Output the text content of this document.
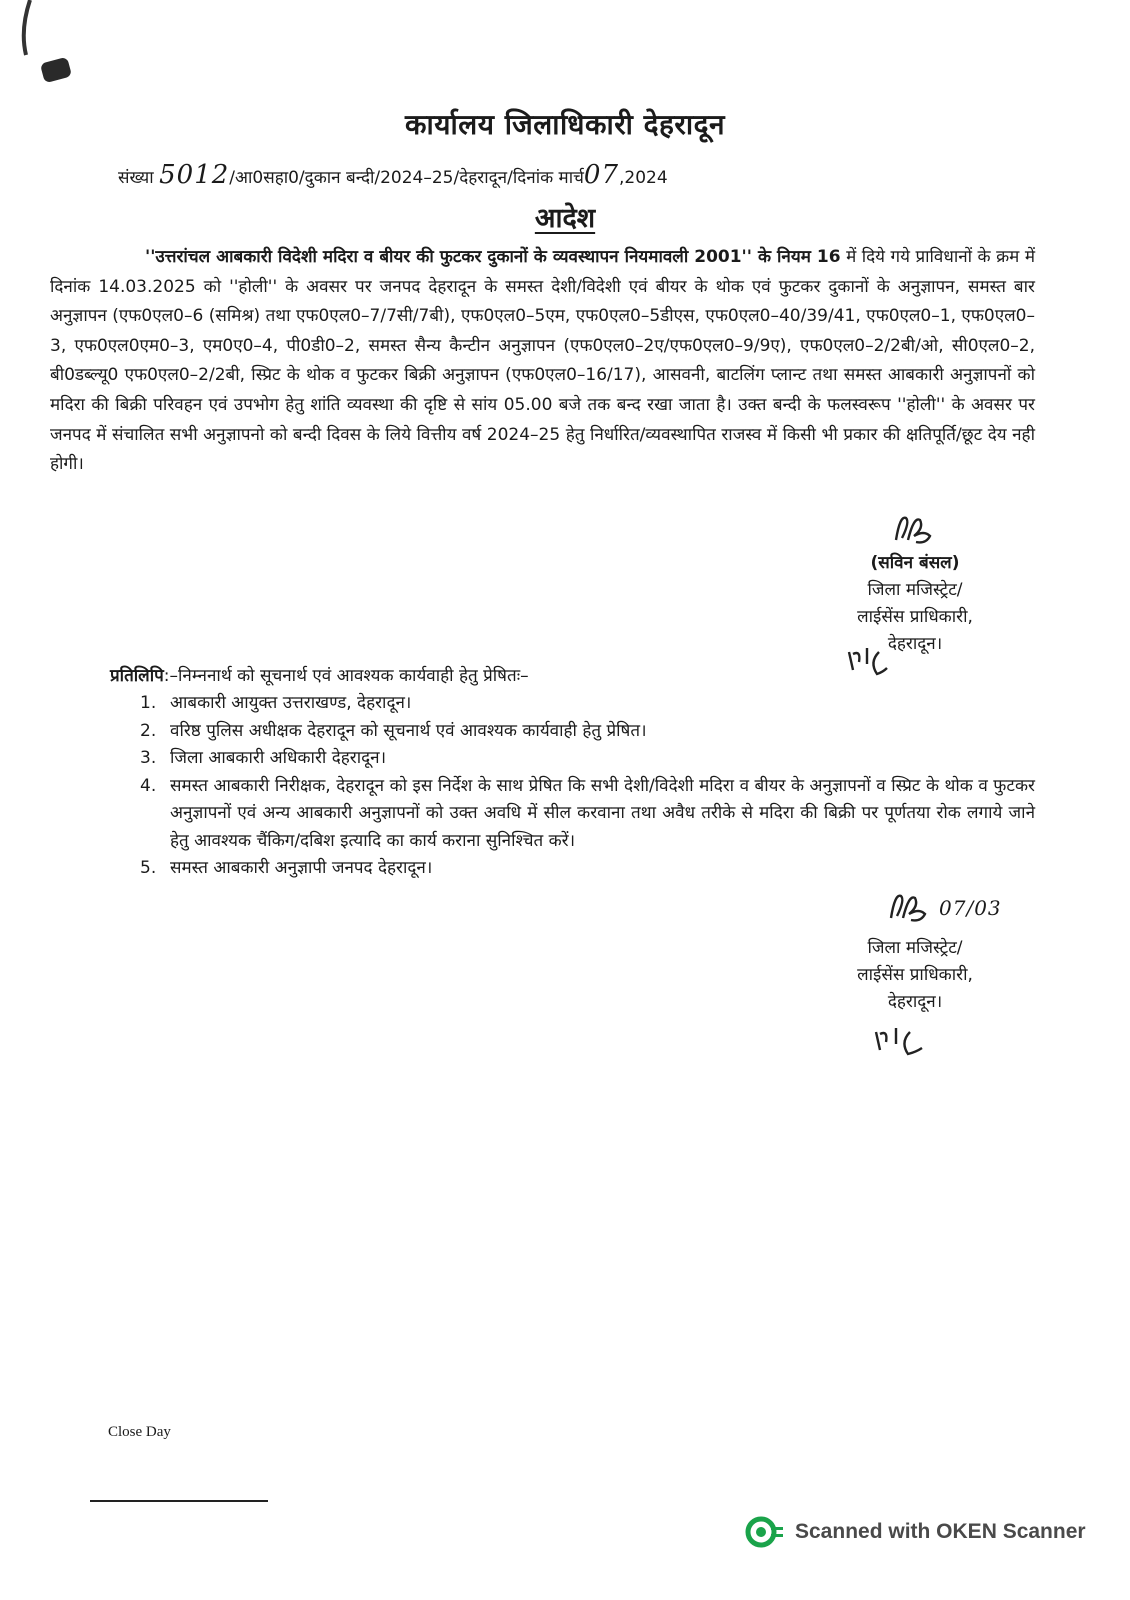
कार्यालय जिलाधिकारी देहरादून
संख्या 5012/आ0सहा0/दुकान बन्दी/2024–25/देहरादून/दिनांक मार्च07,2024
आदेश
''उत्तरांचल आबकारी विदेशी मदिरा व बीयर की फुटकर दुकानों के व्यवस्थापन नियमावली 2001'' के नियम 16 में दिये गये प्राविधानों के क्रम में दिनांक 14.03.2025 को ''होली'' के अवसर पर जनपद देहरादून के समस्त देशी/विदेशी एवं बीयर के थोक एवं फुटकर दुकानों के अनुज्ञापन, समस्त बार अनुज्ञापन (एफ0एल0–6 (समिश्र) तथा एफ0एल0–7/7सी/7बी), एफ0एल0–5एम, एफ0एल0–5डीएस, एफ0एल0–40/39/41, एफ0एल0–1, एफ0एल0–3, एफ0एल0एम0–3, एम0ए0–4, पी0डी0–2, समस्त सैन्य कैन्टीन अनुज्ञापन (एफ0एल0–2ए/एफ0एल0–9/9ए), एफ0एल0–2/2बी/ओ, सी0एल0–2, बी0डब्ल्यू0 एफ0एल0–2/2बी, स्प्रिट के थोक व फुटकर बिक्री अनुज्ञापन (एफ0एल0–16/17), आसवनी, बाटलिंग प्लान्ट तथा समस्त आबकारी अनुज्ञापनों को मदिरा की बिक्री परिवहन एवं उपभोग हेतु शांति व्यवस्था की दृष्टि से सांय 05.00 बजे तक बन्द रखा जाता है। उक्त बन्दी के फलस्वरूप ''होली'' के अवसर पर जनपद में संचालित सभी अनुज्ञापनो को बन्दी दिवस के लिये वित्तीय वर्ष 2024–25 हेतु निर्धारित/व्यवस्थापित राजस्व में किसी भी प्रकार की क्षतिपूर्ति/छूट देय नही होगी।
(सविन बंसल)
जिला मजिस्ट्रेट/
लाईसेंस प्राधिकारी,
देहरादून।
प्रतिलिपि:–निम्ननार्थ को सूचनार्थ एवं आवश्यक कार्यवाही हेतु प्रेषितः–
1. आबकारी आयुक्त उत्तराखण्ड, देहरादून।
2. वरिष्ठ पुलिस अधीक्षक देहरादून को सूचनार्थ एवं आवश्यक कार्यवाही हेतु प्रेषित।
3. जिला आबकारी अधिकारी देहरादून।
4. समस्त आबकारी निरीक्षक, देहरादून को इस निर्देश के साथ प्रेषित कि सभी देशी/विदेशी मदिरा व बीयर के अनुज्ञापनों व स्प्रिट के थोक व फुटकर अनुज्ञापनों एवं अन्य आबकारी अनुज्ञापनों को उक्त अवधि में सील करवाना तथा अवैध तरीके से मदिरा की बिक्री पर पूर्णतया रोक लगाये जाने हेतु आवश्यक चैंकिग/दबिश इत्यादि का कार्य कराना सुनिश्चित करें।
5. समस्त आबकारी अनुज्ञापी जनपद देहरादून।
07/03
जिला मजिस्ट्रेट/
लाईसेंस प्राधिकारी,
देहरादून।
Close Day
Scanned with OKEN Scanner
